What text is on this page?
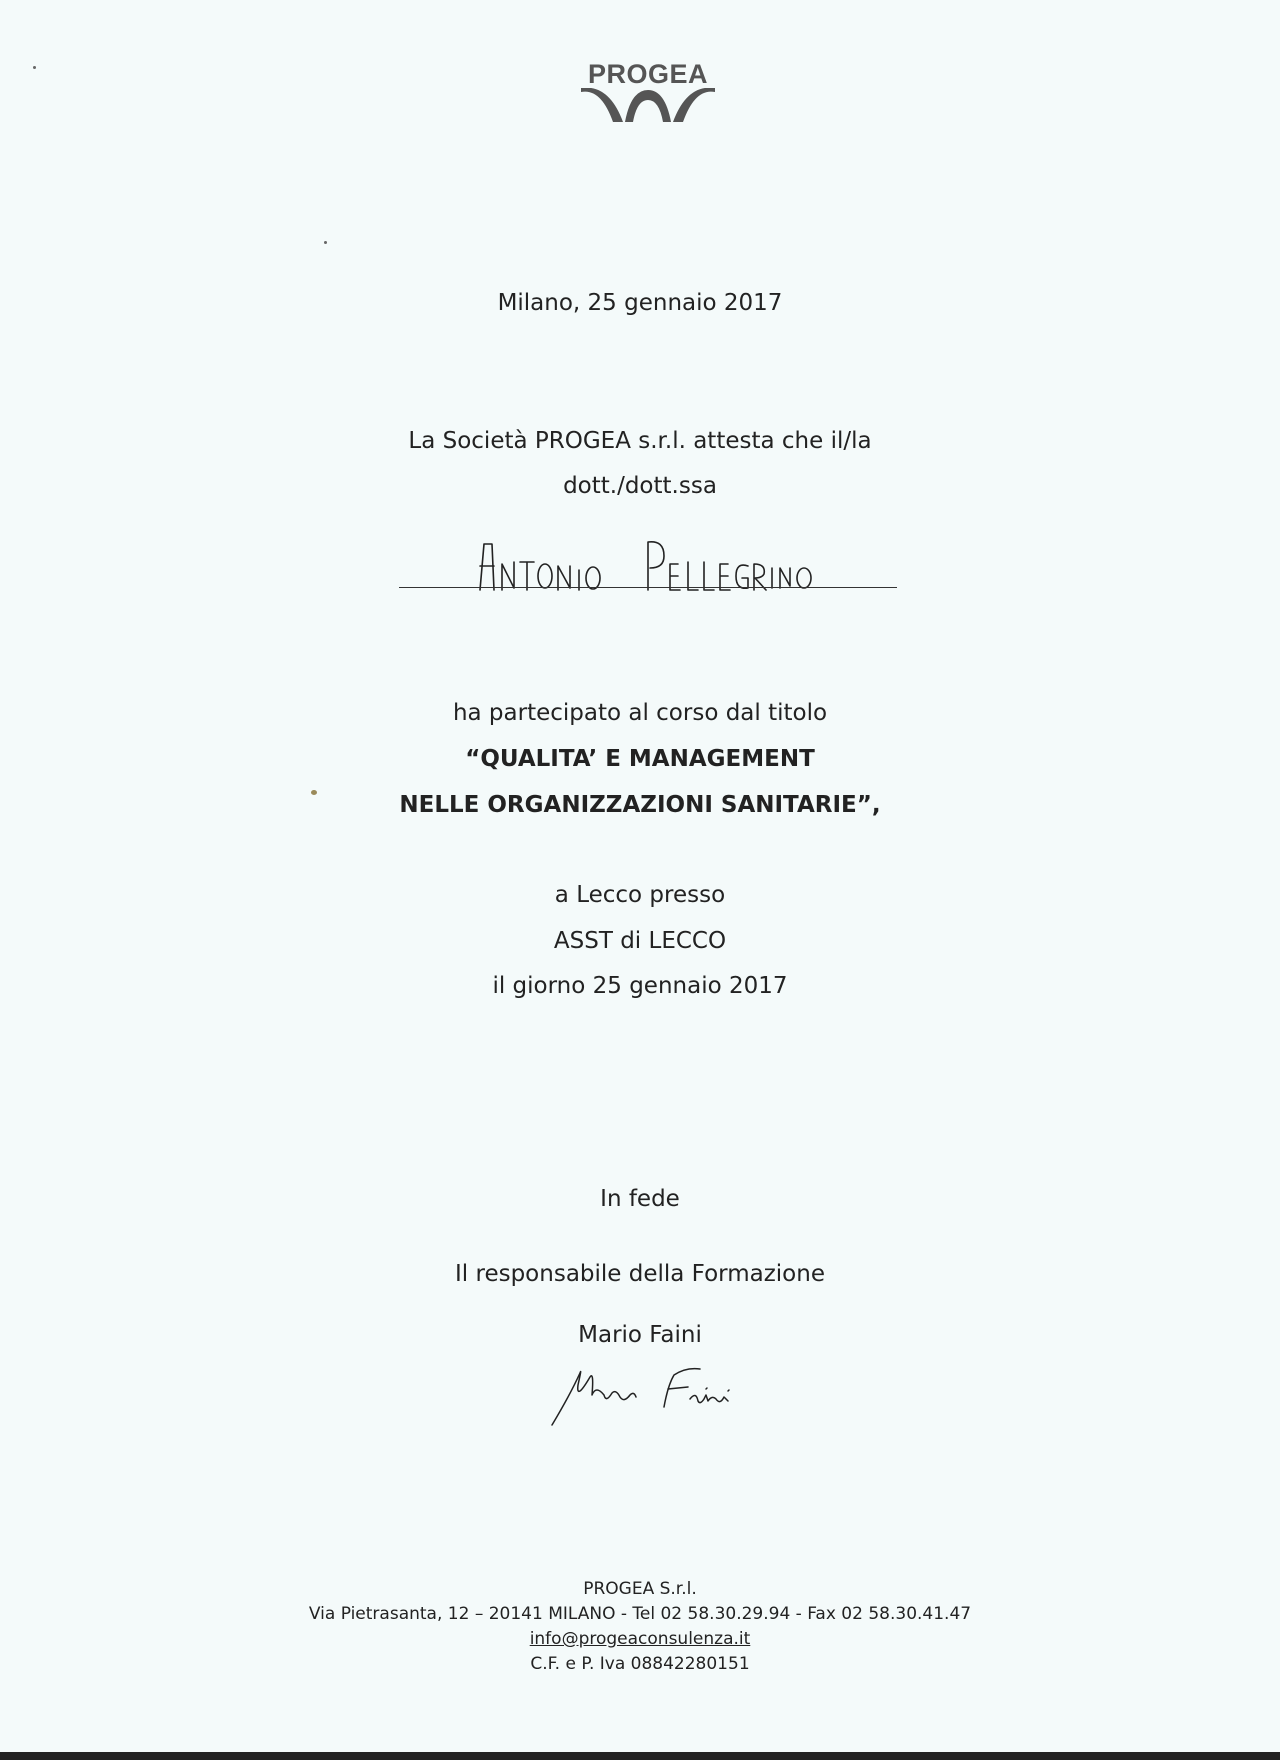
PROGEA
Milano, 25 gennaio 2017
La Società PROGEA s.r.l. attesta che il/la
dott./dott.ssa
ha partecipato al corso dal titolo
“QUALITA’ E MANAGEMENT
NELLE ORGANIZZAZIONI SANITARIE”,
a Lecco presso
ASST di LECCO
il giorno 25 gennaio 2017
In fede
Il responsabile della Formazione
Mario Faini
PROGEA S.r.l.
Via Pietrasanta, 12 – 20141 MILANO - Tel 02 58.30.29.94 - Fax 02 58.30.41.47
info@progeaconsulenza.it
C.F. e P. Iva 08842280151
